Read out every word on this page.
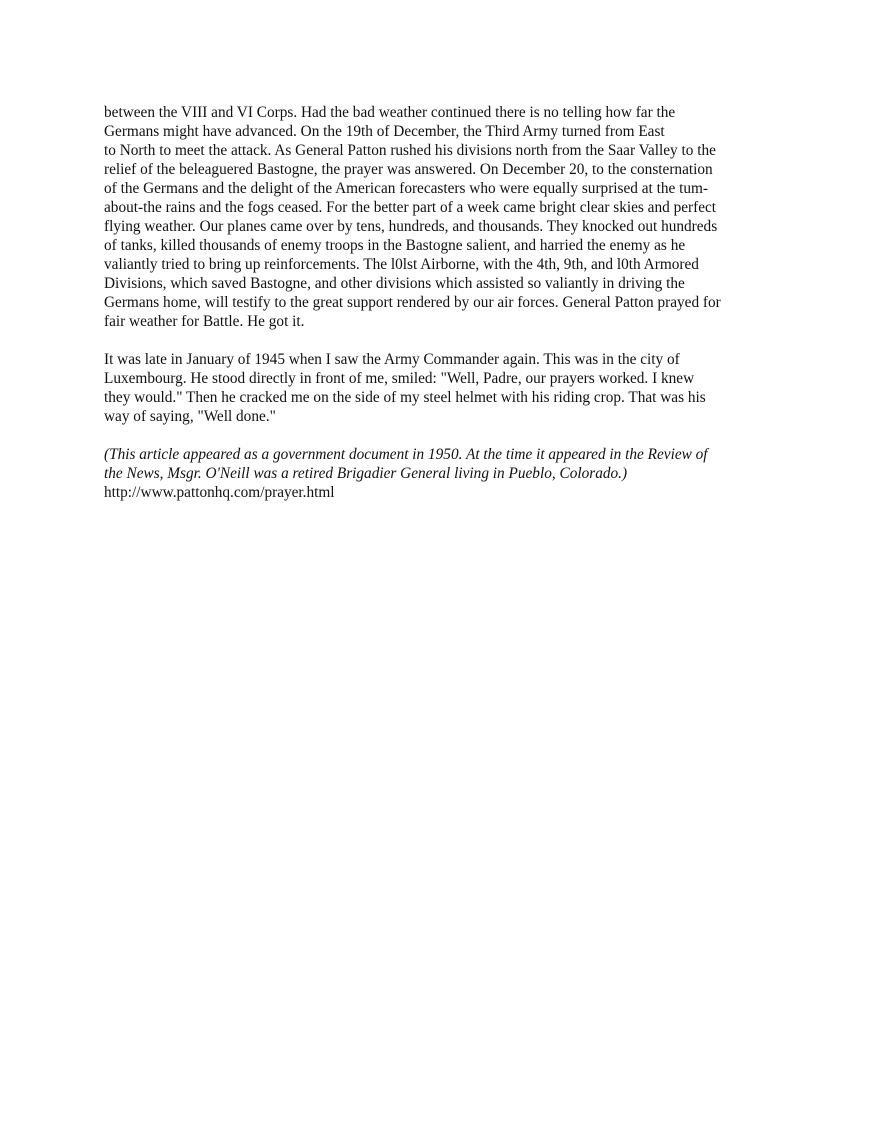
between the VIII and VI Corps. Had the bad weather continued there is no telling how far the
Germans might have advanced. On the 19th of December, the Third Army turned from East
to North to meet the attack. As General Patton rushed his divisions north from the Saar Valley to the
relief of the beleaguered Bastogne, the prayer was answered. On December 20, to the consternation
of the Germans and the delight of the American forecasters who were equally surprised at the tum-
about-the rains and the fogs ceased. For the better part of a week came bright clear skies and perfect
flying weather. Our planes came over by tens, hundreds, and thousands. They knocked out hundreds
of tanks, killed thousands of enemy troops in the Bastogne salient, and harried the enemy as he
valiantly tried to bring up reinforcements. The l0lst Airborne, with the 4th, 9th, and l0th Armored
Divisions, which saved Bastogne, and other divisions which assisted so valiantly in driving the
Germans home, will testify to the great support rendered by our air forces. General Patton prayed for
fair weather for Battle. He got it.

It was late in January of 1945 when I saw the Army Commander again. This was in the city of
Luxembourg. He stood directly in front of me, smiled: "Well, Padre, our prayers worked. I knew
they would." Then he cracked me on the side of my steel helmet with his riding crop. That was his
way of saying, "Well done."

(This article appeared as a government document in 1950. At the time it appeared in the Review of
the News, Msgr. O'Neill was a retired Brigadier General living in Pueblo, Colorado.)

http://www.pattonhq.com/prayer.html
